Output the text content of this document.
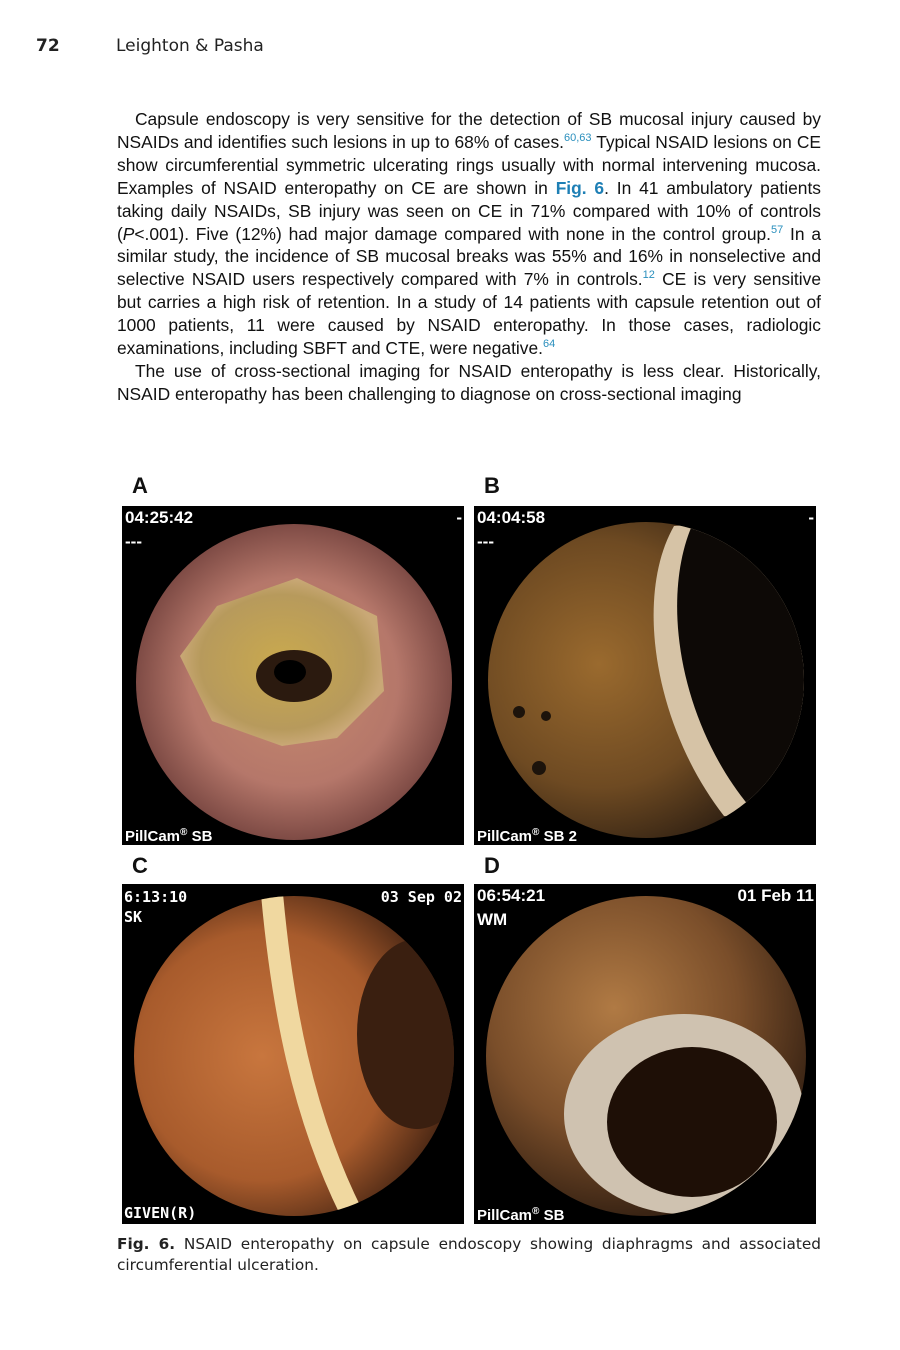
72	Leighton & Pasha

Capsule endoscopy is very sensitive for the detection of SB mucosal injury caused by NSAIDs and identifies such lesions in up to 68% of cases.$^{60,63}$ Typical NSAID lesions on CE show circumferential symmetric ulcerating rings usually with normal intervening mucosa. Examples of NSAID enteropathy on CE are shown in Fig. 6. In 41 ambulatory patients taking daily NSAIDs, SB injury was seen on CE in 71% compared with 10% of controls (P<.001). Five (12%) had major damage compared with none in the control group.$^{57}$ In a similar study, the incidence of SB mucosal breaks was 55% and 16% in nonselective and selective NSAID users respectively compared with 7% in controls.$^{12}$ CE is very sensitive but carries a high risk of retention. In a study of 14 patients with capsule retention out of 1000 patients, 11 were caused by NSAID enteropathy. In those cases, radiologic examinations, including SBFT and CTE, were negative.$^{64}$

The use of cross-sectional imaging for NSAID enteropathy is less clear. Historically, NSAID enteropathy has been challenging to diagnose on cross-sectional imaging

A	B
C	D
04:25:42
---
-
PillCam® SB
04:04:58
---
-
PillCam® SB 2
6:13:10
SK
03 Sep 02
GIVEN(R)
06:54:21
WM
01 Feb 11
PillCam® SB
Fig. 6. NSAID enteropathy on capsule endoscopy showing diaphragms and associated circumferential ulceration.
